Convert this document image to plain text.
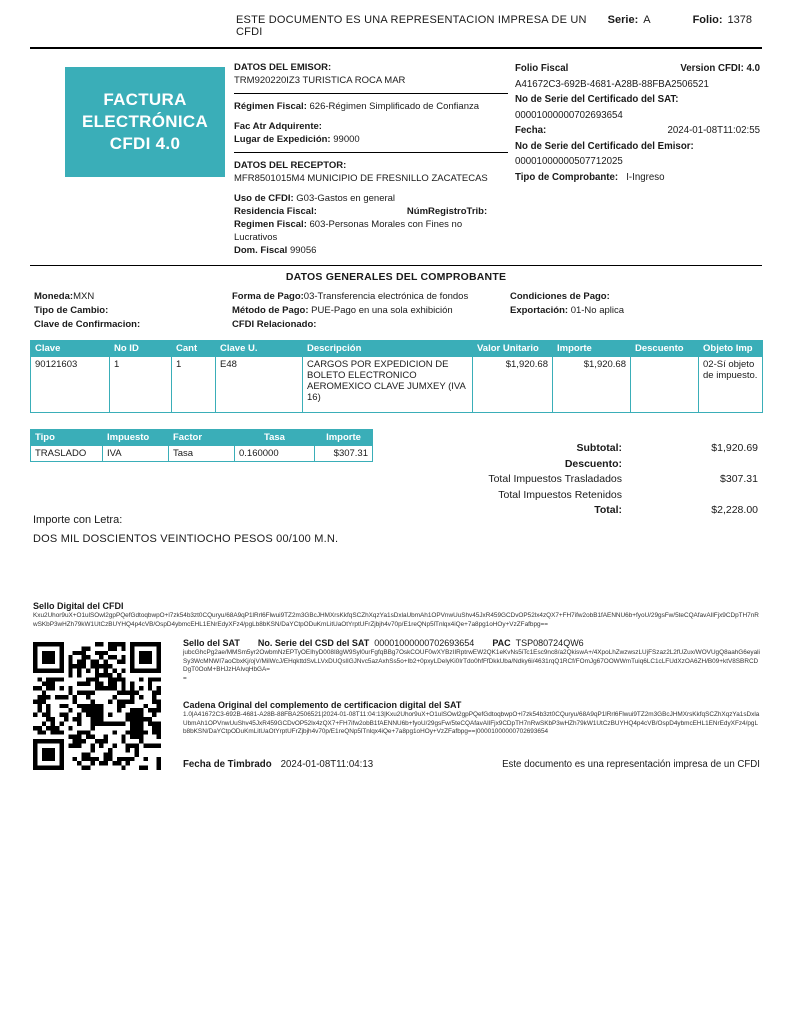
ESTE DOCUMENTO ES UNA REPRESENTACION IMPRESA DE UN CFDI
Serie: A	Folio: 1378
FACTURA
ELECTRÓNICA
CFDI 4.0
DATOS DEL EMISOR:
TRM920220IZ3 TURISTICA ROCA MAR
Régimen Fiscal: 626-Régimen Simplificado de Confianza
Fac Atr Adquirente:
Lugar de Expedición: 99000
DATOS DEL RECEPTOR:
MFR8501015M4 MUNICIPIO DE FRESNILLO ZACATECAS
Uso de CFDI: G03-Gastos en general
Residencia Fiscal:	NúmRegistroTrib:
Regimen Fiscal: 603-Personas Morales con Fines no Lucrativos
Dom. Fiscal 99056
Folio Fiscal	Version CFDI: 4.0
A41672C3-692B-4681-A28B-88FBA2506521
No de Serie del Certificado del SAT:
00001000000702693654
Fecha:	2024-01-08T11:02:55
No de Serie del Certificado del Emisor:
00001000000507712025
Tipo de Comprobante: I-Ingreso
DATOS GENERALES DEL COMPROBANTE
Moneda:MXN
Tipo de Cambio:
Clave de Confirmacion:
Forma de Pago:03-Transferencia electrónica de fondos
Método de Pago: PUE-Pago en una sola exhibición
CFDI Relacionado:
Condiciones de Pago:
Exportación: 01-No aplica
Clave	No ID	Cant	Clave U.	Descripción	Valor Unitario	Importe	Descuento	Objeto Imp
90121603	1	1	E48	CARGOS POR EXPEDICION DE BOLETO ELECTRONICO AEROMEXICO CLAVE JUMXEY (IVA 16)	$1,920.68	$1,920.68		02-Sí objeto de impuesto.
Tipo	Impuesto	Factor	Tasa	Importe
TRASLADO	IVA	Tasa	0.160000	$307.31
Importe con Letra:
Subtotal:	$1,920.69
Descuento:
Total Impuestos Trasladados	$307.31
Total Impuestos Retenidos
Total:	$2,228.00
DOS MIL DOSCIENTOS VEINTIOCHO PESOS 00/100 M.N.
Sello Digital del CFDI
Kxu2Uhor9uX+O1ulSOwl2gpPQefGdtoqbwpO+l7zk54b3zt0CQuryu/68A9qP1lRrl6Flwui9TZ2m3GBcJHMXrsKkfqSCZhXqzYa1sDxlaUbmAh1OPVnwUuShv45JxR459GCDvOP52lx4zQX7+FH7ifw2obB1fAENNU6b+fyoU/29gsFw/5teCQAfavAIlFjx9CDpTH7nRwSKbP3wHZh79kW1UtCzBUYHQ4p4cVB/OspD4ybmcEHL1ENrEdyXFz4/pgLb8bKSN/DaYCtpODuKmLitUaOtYrptUFrZjbjh4v70p/E1reQNp5lTnlqx4iQe+7a8pg1oHOy+VzZFafbpg==
Sello del SAT No. Serie del CSD del SAT 00001000000702693654 PAC TSP080724QW6
jubcGhcPg2ae/MMSm5yr2OwbmNzEPTyOEIhyD008I8gW9Syl0urFgfqBBg7OskCOUF0wXYBzIIRptrwEW2QK1eKvNs5iTc1Esc9nc8/a2QkiswA+/4XpoLhZwzwszLUjFSzaz2L2fUZux/WOVUgQ8aahG6eyaliSy3WcMNWI7aoCbxKj/ojV/MilWcJ/EHqkttdSvLLVxDUQslIGJNvc5azAxhSs5o+Ib2+0pxyLDelyKi0IrTdo0hfFfDkkUba/Ndky6i/4631rqQ1RCf/FOmJg67OOWWmTuiq6LC1cLFUdXzOA6ZH/B09+ktV8SBRCDDgT0OoM+BHJzHAIvqHbGA=
=
Cadena Original del complemento de certificacion digital del SAT
1.0|A41672C3-692B-4681-A28B-88FBA2506521|2024-01-08T11:04:13|Kxu2Uhor9uX+O1ulSOwl2gpPQefGdtoqbwpO+l7zk54b3zt0CQuryu/68A9qP1lRrl6Flwui9TZ2m3GBcJHMXrsKkfqSCZhXqzYa1sDxlaUbmAh1OPVnwUuShv45JxR459GCDvOP52lx4zQX7+FH7ifw2obB1fAENNU6b+fyoU/29gsFw/5teCQAfavAIlFjx9CDpTH7nRwSKbP3wHZh79kW1UtCzBUYHQ4p4cVB/OspD4ybmcEHL1ENrEdyXFz4/pgLb8bKSN/DaYCtpODuKmLitUaOtYrptUFrZjbjh4v70p/E1reQNp5lTnlqx4iQe+7a8pg1oHOy+VzZFafbpg==|00001000000702693654
Fecha de Timbrado 2024-01-08T11:04:13	Este documento es una representación impresa de un CFDI
